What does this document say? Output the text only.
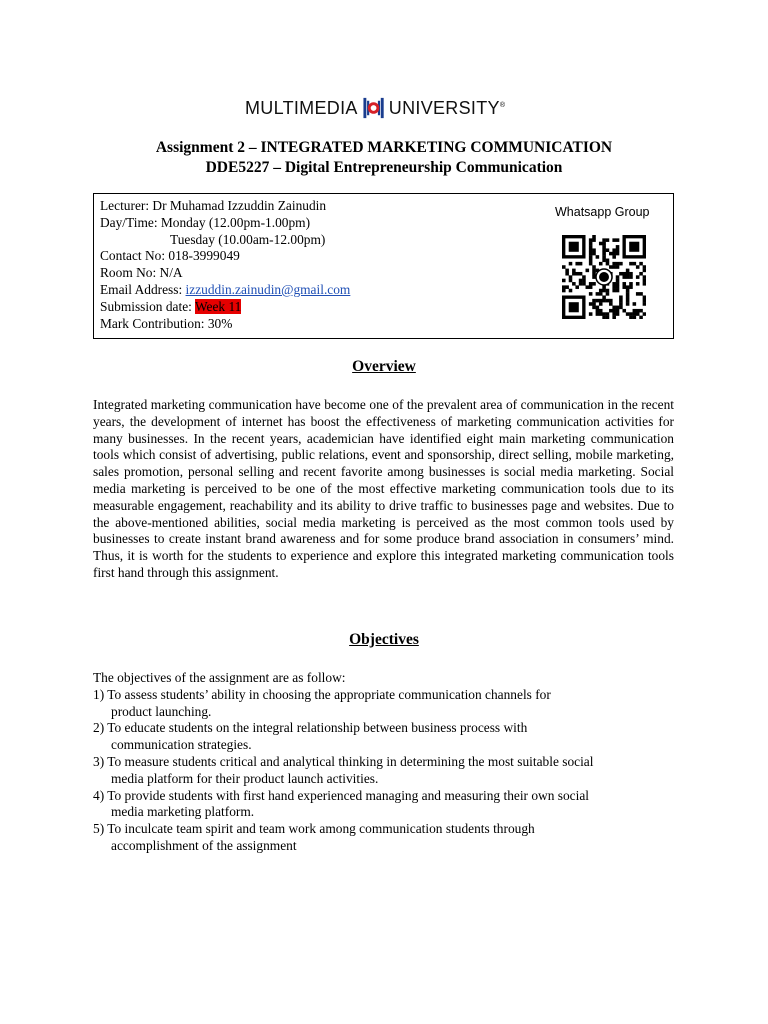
MULTIMEDIA UNIVERSITY ®
Assignment 2 – INTEGRATED MARKETING COMMUNICATION
DDE5227 – Digital Entrepreneurship Communication
Lecturer: Dr Muhamad Izzuddin Zainudin
Day/Time: Monday (12.00pm-1.00pm)
Tuesday (10.00am-12.00pm)
Contact No: 018-3999049
Room No: N/A
Email Address: izzuddin.zainudin@gmail.com
Submission date: Week 11
Mark Contribution: 30%
Whatsapp Group
Overview
Integrated marketing communication have become one of the prevalent area of communication in the recent years, the development of internet has boost the effectiveness of marketing communication activities for many businesses. In the recent years, academician have identified eight main marketing communication tools which consist of advertising, public relations, event and sponsorship, direct selling, mobile marketing, sales promotion, personal selling and recent favorite among businesses is social media marketing. Social media marketing is perceived to be one of the most effective marketing communication tools due to its measurable engagement, reachability and its ability to drive traffic to businesses page and websites. Due to the above-mentioned abilities, social media marketing is perceived as the most common tools used by businesses to create instant brand awareness and for some produce brand association in consumers’ mind. Thus, it is worth for the students to experience and explore this integrated marketing communication tools first hand through this assignment.
Objectives
The objectives of the assignment are as follow:
1) To assess students’ ability in choosing the appropriate communication channels for
product launching.
2) To educate students on the integral relationship between business process with
communication strategies.
3) To measure students critical and analytical thinking in determining the most suitable social
media platform for their product launch activities.
4) To provide students with first hand experienced managing and measuring their own social
media marketing platform.
5) To inculcate team spirit and team work among communication students through
accomplishment of the assignment
